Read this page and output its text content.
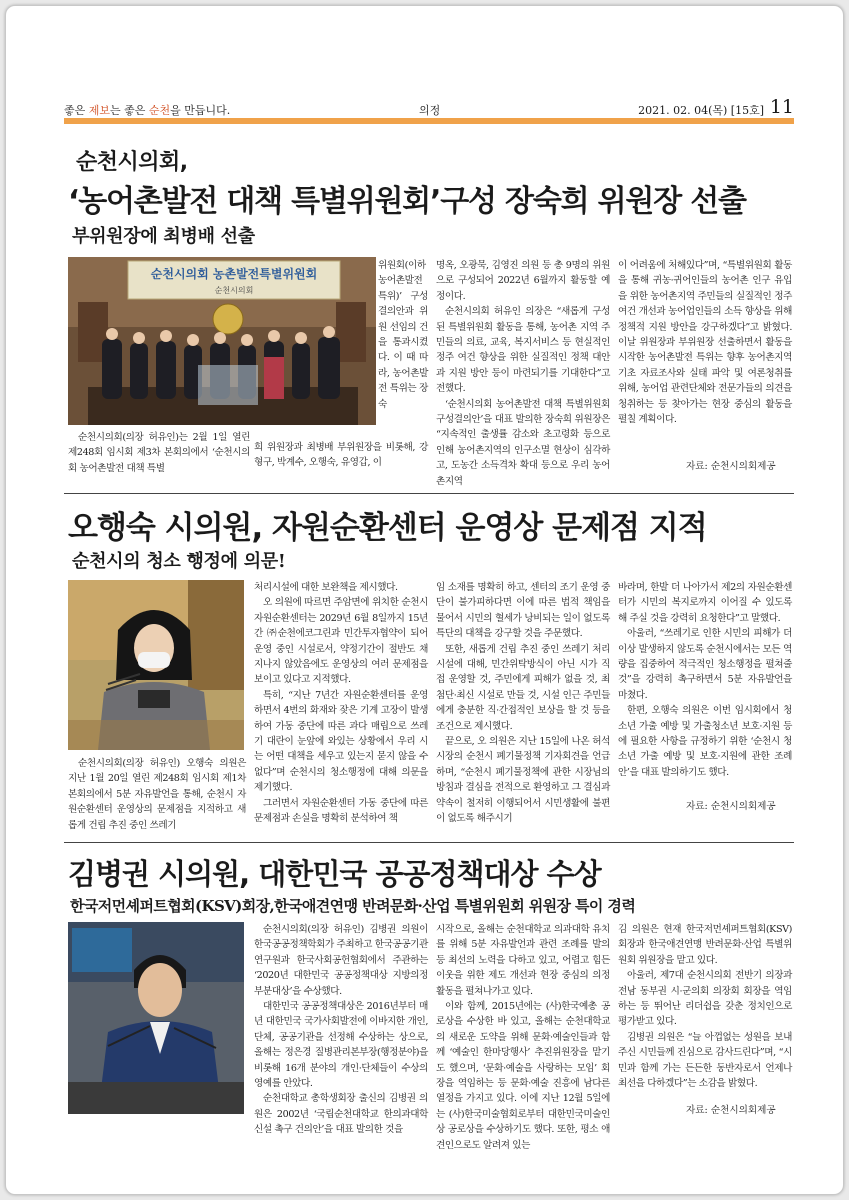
좋은 제보는 좋은 순천을 만듭니다.	의정	2021. 02. 04(목) [15호] 11
순천시의회,
‘농어촌발전 대책 특별위원회’구성 장숙희 위원장 선출
부위원장에 최병배 선출
순천시의회 농촌발전특별위원회
순천시의회
순천시의회(의장 허유인)는 2월 1일 열린 제248회 임시회 제3차 본회의에서 ‘순천시의회 농어촌발전 대책 특별
위원회(이하 농어촌발전 특위)’ 구성결의안과 위원 선임의 건을 통과시켰다. 이 때 따라, 농어촌발전 특위는 장숙
희 위원장과 최병배 부위원장을 비롯해, 강형구, 박계수, 오행숙, 유영갑, 이

명옥, 오광묵, 김영진 의원 등 총 9명의 위원으로 구성되어 2022년 6월까지 활동할 예정이다.

순천시의회 허유인 의장은 “새롭게 구성된 특별위원회 활동을 통해, 농어촌 지역 주민들의 의료, 교육, 복지서비스 등 현실적인 정주 여건 향상을 위한 실질적인 정책 대안과 지원 방안 등이 마련되기를 기대한다”고 전했다.

‘순천시의회 농어촌발전 대책 특별위원회 구성결의안’을 대표 발의한 장숙희 위원장은 “지속적인 출생률 감소와 초고령화 등으로 인해 농어촌지역의 인구소멸 현상이 심각하고, 도농간 소득격차 확대 등으로 우리 농어촌지역

이 어려움에 처해있다”며, “특별위원회 활동을 통해 귀농·귀어인들의 농어촌 인구 유입을 위한 농어촌지역 주민들의 실질적인 정주여건 개선과 농어업인들의 소득 향상을 위해 정책적 지원 방안을 강구하겠다”고 밝혔다. 이날 위원장과 부위원장 선출하면서 활동을 시작한 농어촌발전 특위는 향후 농어촌지역 기초 자료조사와 실태 파악 및 여론청취를 위해, 농어업 관련단체와 전문가들의 의견을 청취하는 등 찾아가는 현장 중심의 활동을 펼칠 계획이다.
자료: 순천시의회제공
오행숙 시의원, 자원순환센터 운영상 문제점 지적
순천시의 청소 행정에 의문!
순천시의회(의장 허유인) 오행숙 의원은 지난 1월 20일 열린 제248회 임시회 제1차 본회의에서 5분 자유발언을 통해, 순천시 자원순환센터 운영상의 문제점을 지적하고 새롭게 건립 추진 중인 쓰레기

처리시설에 대한 보완책을 제시했다.

오 의원에 따르면 주암면에 위치한 순천시 자원순환센터는 2029년 6월 8일까지 15년간 ㈜순천에코그린과 민간투자협약이 되어 운영 중인 시설로서, 약정기간이 절반도 채 지나지 않았음에도 운영상의 여러 문제점을 보이고 있다고 지적했다.

특히, “지난 7년간 자원순환센터를 운영하면서 4번의 화재와 잦은 기계 고장이 발생하여 가동 중단에 따른 과다 매립으로 쓰레기 대란이 눈앞에 와있는 상황에서 우리 시는 어떤 대책을 세우고 있는지 묻지 않을 수 없다”며 순천시의 청소행정에 대해 의문을 제기했다.

그러면서 자원순환센터 가동 중단에 따른 문제점과 손실을 명확히 분석하여 책

임 소재를 명확히 하고, 센터의 조기 운영 중단이 불가피하다면 이에 따른 법적 책임을 물어서 시민의 혈세가 낭비되는 일이 없도록 특단의 대책을 강구할 것을 주문했다.

또한, 새롭게 건립 추진 중인 쓰레기 처리시설에 대해, 민간위탁방식이 아닌 시가 직접 운영할 것, 주민에게 피해가 없을 것, 최첨단·최신 시설로 만들 것, 시설 인근 주민들에게 충분한 직·간접적인 보상을 할 것 등을 조건으로 제시했다.

끝으로, 오 의원은 지난 15일에 나온 허석 시장의 순천시 폐기물정책 기자회견을 언급하며, “순천시 폐기물정책에 관한 시장님의 방침과 결심을 전적으로 환영하고 그 결심과 약속이 철저히 이행되어서 시민생활에 불편이 없도록 해주시기

바라며, 한발 더 나아가서 제2의 자원순환센터가 시민의 복지로까지 이어질 수 있도록 해 주실 것을 강력히 요청한다”고 말했다.

아울러, “쓰레기로 인한 시민의 피해가 더 이상 발생하지 않도록 순천시에서는 모든 역량을 집중하여 적극적인 청소행정을 펼쳐줄 것”을 강력히 촉구하면서 5분 자유발언을 마쳤다.

한편, 오행숙 의원은 이번 임시회에서 청소년 가출 예방 및 가출청소년 보호·지원 등에 필요한 사항을 규정하기 위한 ‘순천시 청소년 가출 예방 및 보호·지원에 관한 조례안’을 대표 발의하기도 했다.

자료: 순천시의회제공
김병권 시의원, 대한민국 공공정책대상 수상
한국저먼셰퍼트협회(KSV)회장,한국애견연맹 반려문화·산업 특별위원회 위원장 특이 경력

순천시의회(의장 허유인) 김병권 의원이 한국공공정책학회가 주최하고 한국공공기관연구원과 한국사회공헌협회에서 주관하는 ‘2020년 대한민국 공공정책대상 지방의정부분대상’을 수상했다.

대한민국 공공정책대상은 2016년부터 매년 대한민국 국가사회발전에 이바지한 개인, 단체, 공공기관을 선정해 수상하는 상으로, 올해는 정은경 질병관리본부장(행정분야)을 비롯해 16개 분야의 개인·단체들이 수상의 영예를 안았다.

순천대학교 총학생회장 출신의 김병권 의원은 2002년 ‘국립순천대학교 한의과대학 신설 촉구 건의안’을 대표 발의한 것을

시작으로, 올해는 순천대학교 의과대학 유치를 위해 5분 자유발언과 관련 조례를 발의 등 최선의 노력을 다하고 있고, 어렵고 힘든 이웃을 위한 제도 개선과 현장 중심의 의정활동을 펼쳐나가고 있다.

이와 함께, 2015년에는 (사)한국예총 공로상을 수상한 바 있고, 올해는 순천대학교의 새로운 도약을 위해 문화·예술인들과 함께 ‘예술인 한마당행사’ 추진위원장을 맡기도 했으며, ‘문화·예술을 사랑하는 모임’ 회장을 역임하는 등 문화·예술 진흥에 남다른 열정을 가지고 있다. 이에 지난 12월 5일에는 (사)한국미술협회로부터 대한민국미술인상 공로상을 수상하기도 했다. 또한, 평소 애견인으로도 알려져 있는

김 의원은 현재 한국저먼셰퍼트협회(KSV) 회장과 한국애견연맹 반려문화·산업 특별위원회 위원장을 맡고 있다.

아울러, 제7대 순천시의회 전반기 의장과 전남 동부권 시·군의회 의장회 회장을 역임하는 등 뛰어난 리더쉽을 갖춘 정치인으로 평가받고 있다.

김병권 의원은 “늘 아껍없는 성원을 보내주신 시민들께 진심으로 감사드린다”며, “시민과 함께 가는 든든한 동반자로서 언제나 최선을 다하겠다”는 소감을 밝혔다.

자료: 순천시의회제공
